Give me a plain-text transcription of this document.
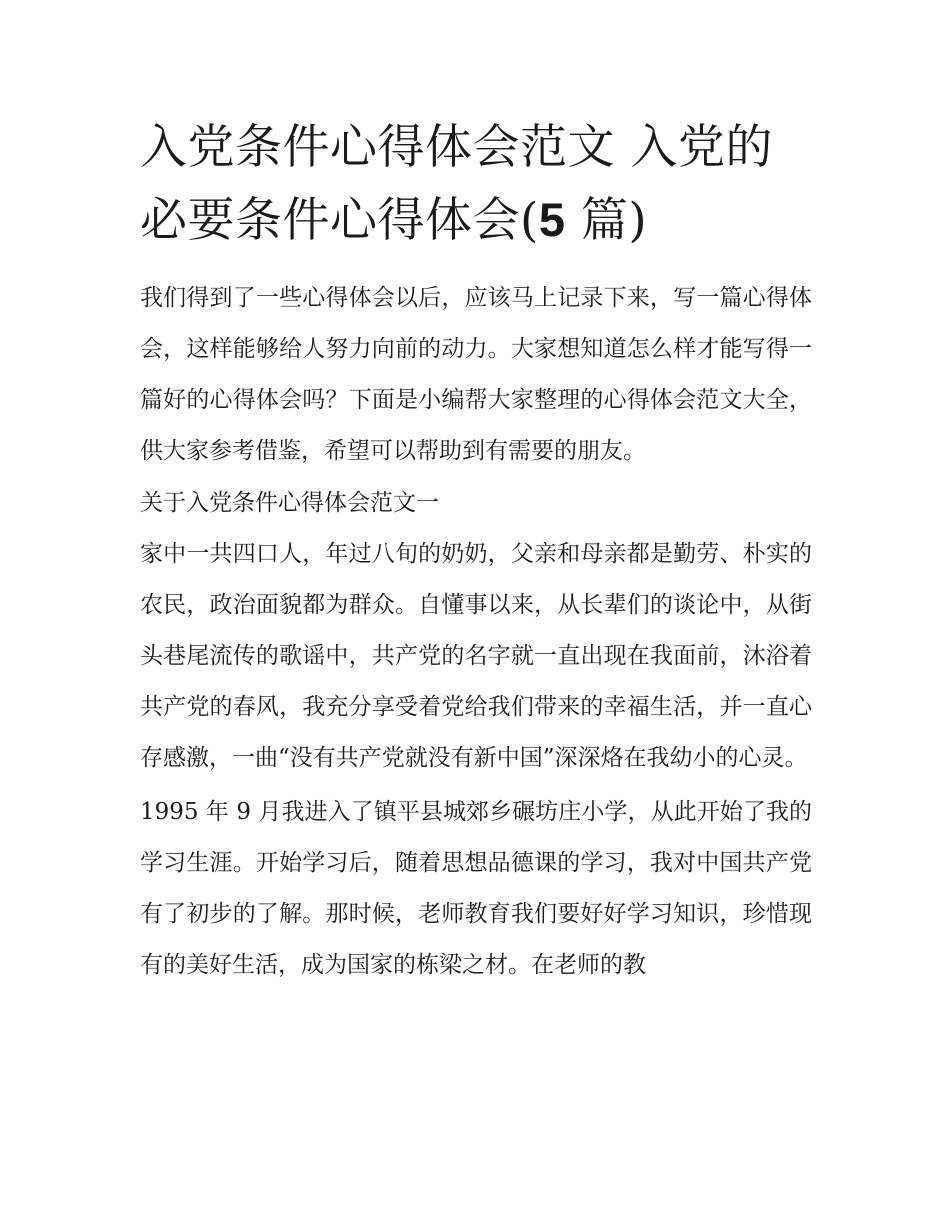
入党条件心得体会范文 入党的必要条件心得体会(5 篇)

我们得到了一些心得体会以后，应该马上记录下来，写一篇心得体会，这样能够给人努力向前的动力。大家想知道怎么样才能写得一篇好的心得体会吗？下面是小编帮大家整理的心得体会范文大全，供大家参考借鉴，希望可以帮助到有需要的朋友。

关于入党条件心得体会范文一

家中一共四口人，年过八旬的奶奶，父亲和母亲都是勤劳、朴实的农民，政治面貌都为群众。自懂事以来，从长辈们的谈论中，从街头巷尾流传的歌谣中，共产党的名字就一直出现在我面前，沐浴着共产党的春风，我充分享受着党给我们带来的幸福生活，并一直心存感激，一曲“没有共产党就没有新中国”深深烙在我幼小的心灵。

1995 年 9 月我进入了镇平县城郊乡碾坊庄小学，从此开始了我的学习生涯。开始学习后，随着思想品德课的学习，我对中国共产党有了初步的了解。那时候，老师教育我们要好好学习知识，珍惜现有的美好生活，成为国家的栋梁之材。在老师的教
